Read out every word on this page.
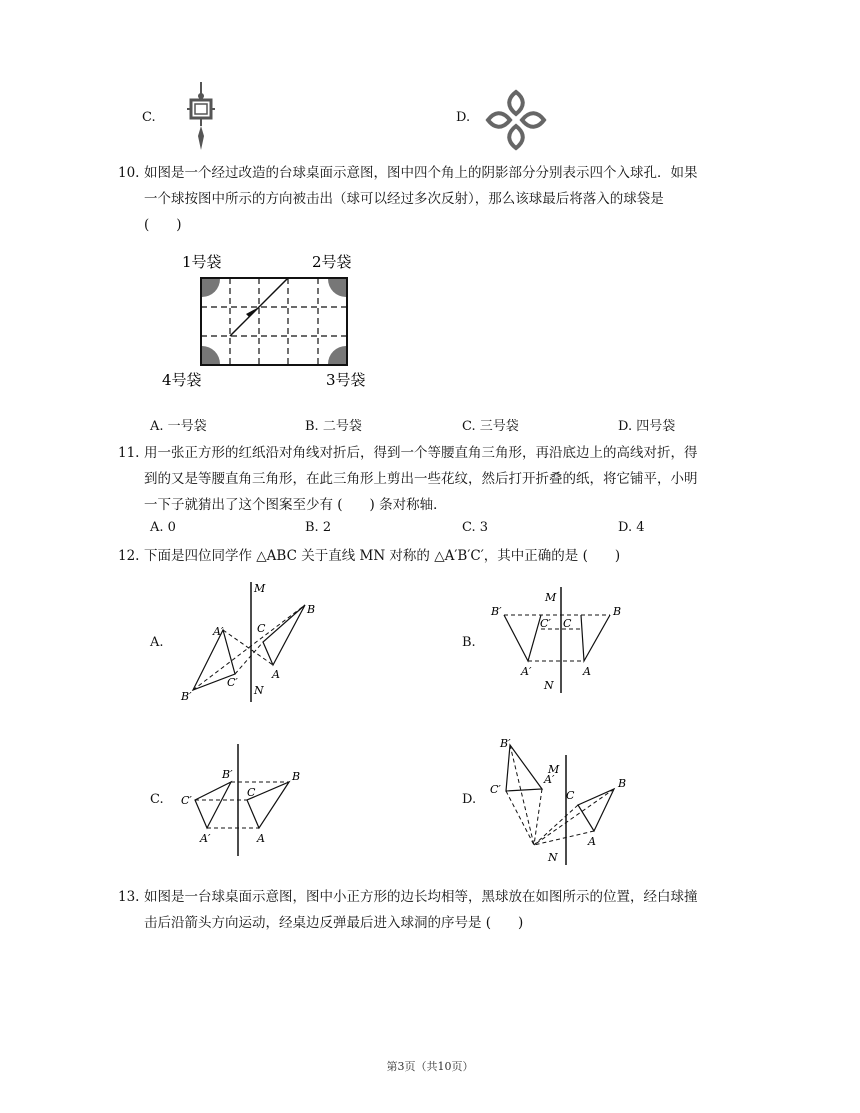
C.	D.
10. 如图是一个经过改造的台球桌面示意图，图中四个角上的阴影部分分别表示四个入球孔．如果
一个球按图中所示的方向被击出（球可以经过多次反射），那么该球最后将落入的球袋是
(　　)
1号袋	2号袋
3号袋
4号袋
A. 一号袋	B. 二号袋	C. 三号袋	D. 四号袋
11. 用一张正方形的红纸沿对角线对折后，得到一个等腰直角三角形，再沿底边上的高线对折，得
到的又是等腰直角三角形，在此三角形上剪出一些花纹，然后打开折叠的纸，将它铺平，小明
一下子就猜出了这个图案至少有 (　　) 条对称轴．
A. 0	B. 2	C. 3	D. 4
12. 下面是四位同学作 △ABC 关于直线 MN 对称的 △A′B′C′，其中正确的是 (　　)
A.
M
N
B
C
A
A′
C′
B′
B.
M
N
B
C
A
B′
C′
A′
C.
B
C
A
B′
C′
A′
D.
M
N
B
C
A
B′
A′
C′
13. 如图是一台球桌面示意图，图中小正方形的边长均相等，黑球放在如图所示的位置，经白球撞
击后沿箭头方向运动，经桌边反弹最后进入球洞的序号是 (　　)
第3页（共10页）
